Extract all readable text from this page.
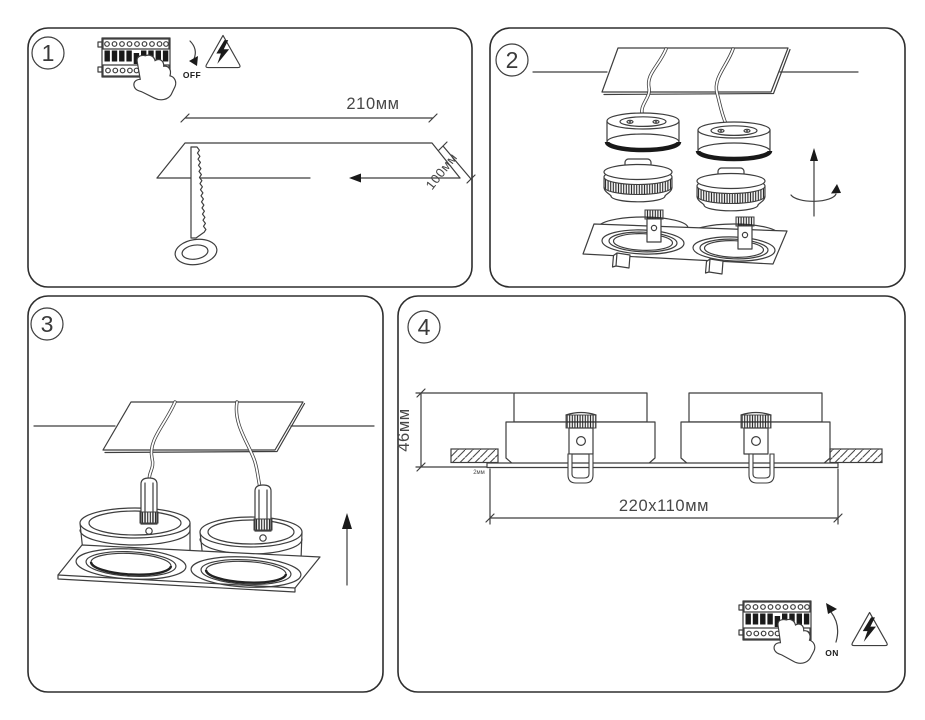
1
OFF
210мм
100мм
2
3	4
46мм
2мм
220x110мм
ON
